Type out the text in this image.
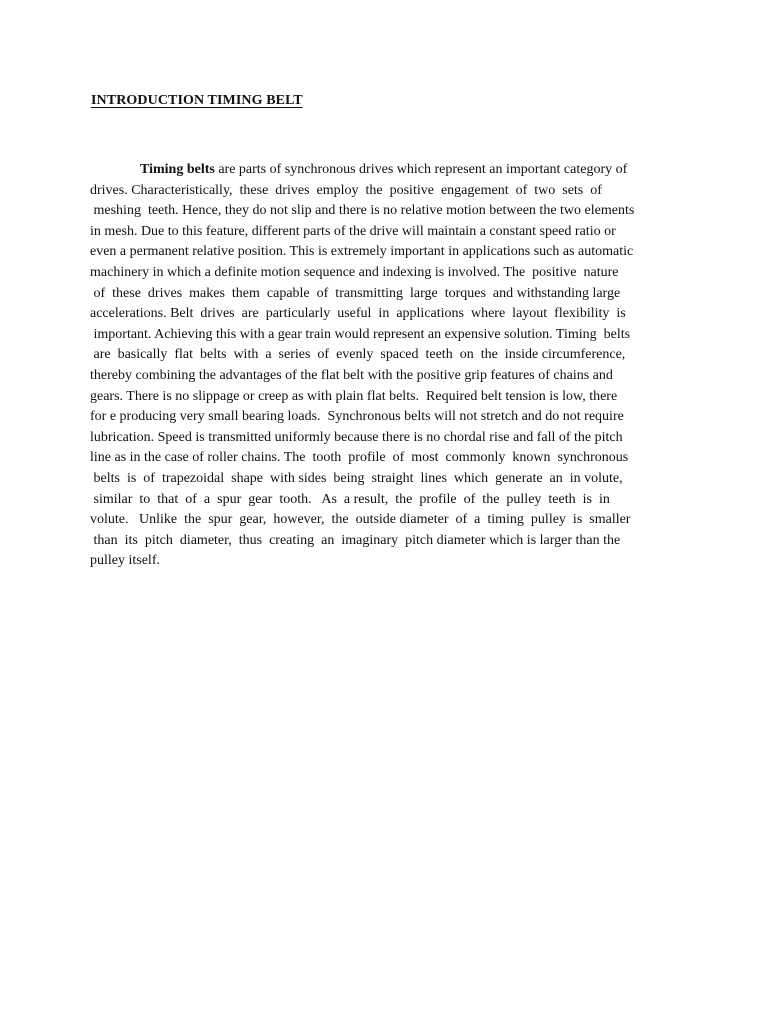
INTRODUCTION TIMING BELT
Timing belts are parts of synchronous drives which represent an important category of
drives. Characteristically,  these  drives  employ  the  positive  engagement  of  two  sets  of
meshing  teeth. Hence, they do not slip and there is no relative motion between the two elements
in mesh. Due to this feature, different parts of the drive will maintain a constant speed ratio or
even a permanent relative position. This is extremely important in applications such as automatic
machinery in which a definite motion sequence and indexing is involved. The  positive  nature
of  these  drives  makes  them  capable  of  transmitting  large  torques  and withstanding large
accelerations. Belt  drives  are  particularly  useful  in  applications  where  layout  flexibility  is
important. Achieving this with a gear train would represent an expensive solution. Timing  belts
are  basically  flat  belts  with  a  series  of  evenly  spaced  teeth  on  the  inside circumference,
thereby combining the advantages of the flat belt with the positive grip features of chains and
gears. There is no slippage or creep as with plain flat belts.  Required belt tension is low, there
for e producing very small bearing loads.  Synchronous belts will not stretch and do not require
lubrication. Speed is transmitted uniformly because there is no chordal rise and fall of the pitch
line as in the case of roller chains. The  tooth  profile  of  most  commonly  known  synchronous
belts  is  of  trapezoidal  shape  with sides  being  straight  lines  which  generate  an  in volute,
similar  to  that  of  a  spur  gear  tooth.   As  a result,  the  profile  of  the  pulley  teeth  is  in
volute.   Unlike  the  spur  gear,  however,  the  outside diameter  of  a  timing  pulley  is  smaller
than  its  pitch  diameter,  thus  creating  an  imaginary  pitch diameter which is larger than the
pulley itself.
